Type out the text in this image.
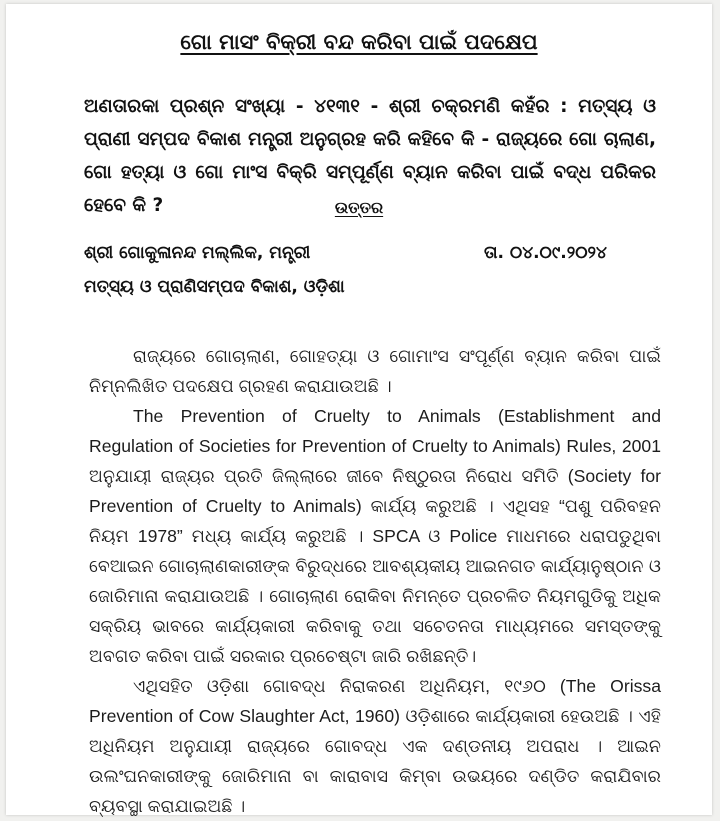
ଗୋ ମାସଂ ବିକ୍ରୀ ବନ୍ଦ କରିବା ପାଇଁ ପଦକ୍ଷେପ
ଅଣତାରକା ପ୍ରଶ୍ନ ସଂଖ୍ୟା - ୪୧୩୧ - ଶ୍ରୀ ଚକ୍ରମଣି କହଁର : ମତ୍ସ୍ୟ ଓ ପ୍ରାଣୀ ସମ୍ପଦ ବିକାଶ ମନ୍ତ୍ରୀ ଅନୁଗ୍ରହ କରି କହିବେ କି - ରାଜ୍ୟରେ ଗୋ ଚାଲାଣ, ଗୋ ହତ୍ୟା ଓ ଗୋ ମାଂସ ବିକ୍ରି ସମ୍ପୂର୍ଣ୍ଣ ବ୍ୟାନ କରିବା ପାଇଁ ବଦ୍ଧ ପରିକର ହେବେ କି ?	ଉତ୍ତର
ଶ୍ରୀ ଗୋକୁଳାନନ୍ଦ ମଲ୍ଲିକ, ମନ୍ତ୍ରୀ
ମତ୍ସ୍ୟ ଓ ପ୍ରାଣିସମ୍ପଦ ବିକାଶ, ଓଡ଼ିଶା
ତା. ୦୪.୦୯.୨୦୨୪

ରାଜ୍ୟରେ ଗୋଚାଲାଣ, ଗୋହତ୍ୟା ଓ ଗୋମାଂସ ସଂପୂର୍ଣ୍ଣ ବ୍ୟାନ କରିବା ପାଇଁ ନିମ୍ନଲିଖିତ ପଦକ୍ଷେପ ଗ୍ରହଣ କରାଯାଉଅଛି ।

The Prevention of Cruelty to Animals (Establishment and Regulation of Societies for Prevention of Cruelty to Animals) Rules, 2001 ଅନୁଯାୟୀ ରାଜ୍ୟର ପ୍ରତି ଜିଲ୍ଲାରେ ଜୀବେ ନିଷ୍ଠୁରତା ନିରୋଧ ସମିତି (Society for Prevention of Cruelty to Animals) କାର୍ଯ୍ୟ କରୁଅଛି । ଏଥିସହ “ପଶୁ ପରିବହନ ନିୟମ 1978” ମଧ୍ୟ କାର୍ଯ୍ୟ କରୁଅଛି । SPCA ଓ Police ମାଧମରେ ଧରାପଡୁଥିବା ବେଆଇନ ଗୋଚାଲାଣକାରୀଙ୍କ ବିରୁଦ୍ଧରେ ଆବଶ୍ୟକୀୟ ଆଇନଗତ କାର୍ଯ୍ୟାନୁଷ୍ଠାନ ଓ ଜୋରିମାନା କରାଯାଉଅଛି । ଗୋଚାଲାଣ ରୋକିବା ନିମନ୍ତେ ପ୍ରଚଳିତ ନିୟମଗୁଡିକୁ ଅଧିକ ସକ୍ରିୟ ଭାବରେ କାର୍ଯ୍ୟକାରୀ କରିବାକୁ ତଥା ସଚେତନତା ମାଧ୍ୟମରେ ସମସ୍ତଙ୍କୁ ଅବଗତ କରିବା ପାଇଁ ସରକାର ପ୍ରଚେଷ୍ଟା ଜାରି ରଖିଛନ୍ତି।

ଏଥିସହିତ ଓଡ଼ିଶା ଗୋବଦ୍ଧ ନିରାକରଣ ଅଧିନିୟମ, ୧୯୬୦ (The Orissa Prevention of Cow Slaughter Act, 1960) ଓଡ଼ିଶାରେ କାର୍ଯ୍ୟକାରୀ ହେଉଅଛି । ଏହି ଅଧିନିୟମ ଅନୁଯାୟୀ ରାଜ୍ୟରେ ଗୋବଦ୍ଧ ଏକ ଦଣ୍ଡନୀୟ ଅପରାଧ । ଆଇନ ଉଲଂଘନକାରୀଙ୍କୁ ଜୋରିମାନା ବା କାରାବାସ କିମ୍ବା ଉଭୟରେ ଦଣ୍ଡିତ କରାଯିବାର ବ୍ୟବସ୍ଥା କରାଯାଇଅଛି ।
